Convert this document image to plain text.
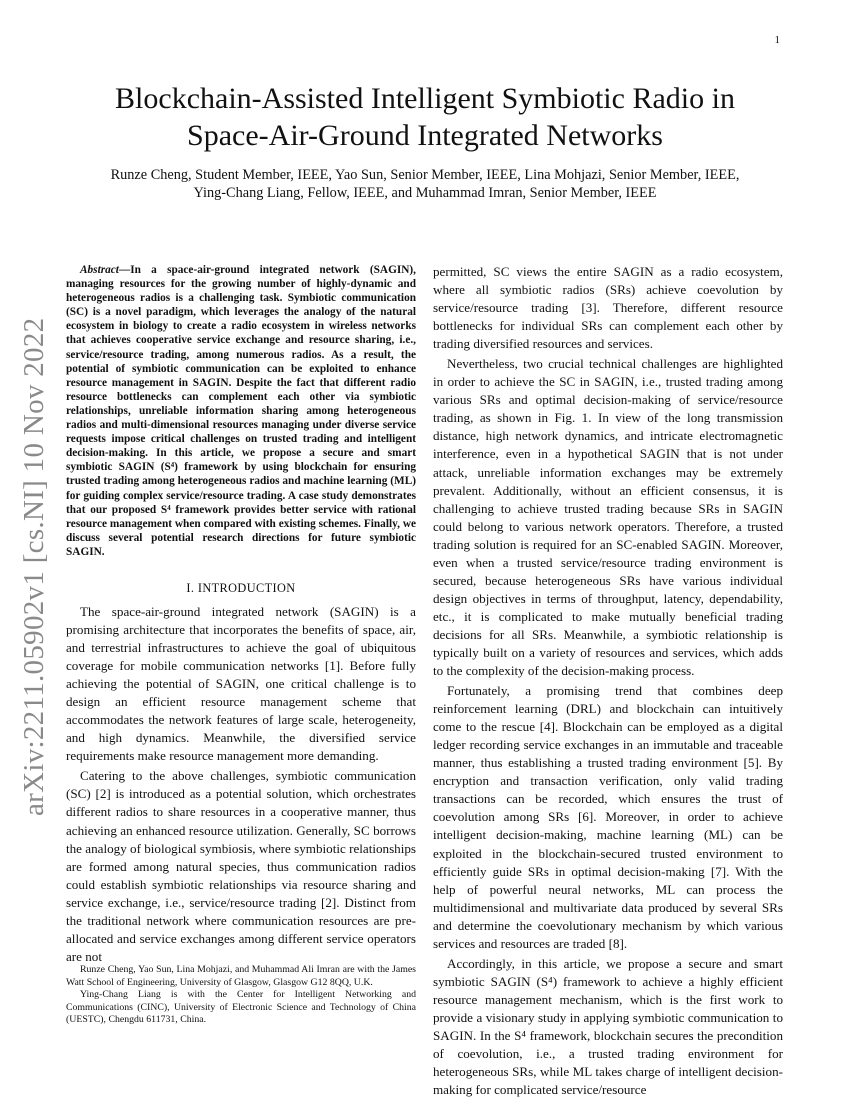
1
arXiv:2211.05902v1 [cs.NI] 10 Nov 2022
Blockchain-Assisted Intelligent Symbiotic Radio in
Space-Air-Ground Integrated Networks
Runze Cheng, Student Member, IEEE, Yao Sun, Senior Member, IEEE, Lina Mohjazi, Senior Member, IEEE,
Ying-Chang Liang, Fellow, IEEE, and Muhammad Imran, Senior Member, IEEE

Abstract—In a space-air-ground integrated network (SAGIN), managing resources for the growing number of highly-dynamic and heterogeneous radios is a challenging task. Symbiotic communication (SC) is a novel paradigm, which leverages the analogy of the natural ecosystem in biology to create a radio ecosystem in wireless networks that achieves cooperative service exchange and resource sharing, i.e., service/resource trading, among numerous radios. As a result, the potential of symbiotic communication can be exploited to enhance resource management in SAGIN. Despite the fact that different radio resource bottlenecks can complement each other via symbiotic relationships, unreliable information sharing among heterogeneous radios and multi-dimensional resources managing under diverse service requests impose critical challenges on trusted trading and intelligent decision-making. In this article, we propose a secure and smart symbiotic SAGIN (S⁴) framework by using blockchain for ensuring trusted trading among heterogeneous radios and machine learning (ML) for guiding complex service/resource trading. A case study demonstrates that our proposed S⁴ framework provides better service with rational resource management when compared with existing schemes. Finally, we discuss several potential research directions for future symbiotic SAGIN.

I. INTRODUCTION

The space-air-ground integrated network (SAGIN) is a promising architecture that incorporates the benefits of space, air, and terrestrial infrastructures to achieve the goal of ubiquitous coverage for mobile communication networks [1]. Before fully achieving the potential of SAGIN, one critical challenge is to design an efficient resource management scheme that accommodates the network features of large scale, heterogeneity, and high dynamics. Meanwhile, the diversified service requirements make resource management more demanding.

Catering to the above challenges, symbiotic communication (SC) [2] is introduced as a potential solution, which orchestrates different radios to share resources in a cooperative manner, thus achieving an enhanced resource utilization. Generally, SC borrows the analogy of biological symbiosis, where symbiotic relationships are formed among natural species, thus communication radios could establish symbiotic relationships via resource sharing and service exchange, i.e., service/resource trading [2]. Distinct from the traditional network where communication resources are pre-allocated and service exchanges among different service operators are not

Runze Cheng, Yao Sun, Lina Mohjazi, and Muhammad Ali Imran are with the James Watt School of Engineering, University of Glasgow, Glasgow G12 8QQ, U.K.

Ying-Chang Liang is with the Center for Intelligent Networking and Communications (CINC), University of Electronic Science and Technology of China (UESTC), Chengdu 611731, China.

permitted, SC views the entire SAGIN as a radio ecosystem, where all symbiotic radios (SRs) achieve coevolution by service/resource trading [3]. Therefore, different resource bottlenecks for individual SRs can complement each other by trading diversified resources and services.

Nevertheless, two crucial technical challenges are highlighted in order to achieve the SC in SAGIN, i.e., trusted trading among various SRs and optimal decision-making of service/resource trading, as shown in Fig. 1. In view of the long transmission distance, high network dynamics, and intricate electromagnetic interference, even in a hypothetical SAGIN that is not under attack, unreliable information exchanges may be extremely prevalent. Additionally, without an efficient consensus, it is challenging to achieve trusted trading because SRs in SAGIN could belong to various network operators. Therefore, a trusted trading solution is required for an SC-enabled SAGIN. Moreover, even when a trusted service/resource trading environment is secured, because heterogeneous SRs have various individual design objectives in terms of throughput, latency, dependability, etc., it is complicated to make mutually beneficial trading decisions for all SRs. Meanwhile, a symbiotic relationship is typically built on a variety of resources and services, which adds to the complexity of the decision-making process.

Fortunately, a promising trend that combines deep reinforcement learning (DRL) and blockchain can intuitively come to the rescue [4]. Blockchain can be employed as a digital ledger recording service exchanges in an immutable and traceable manner, thus establishing a trusted trading environment [5]. By encryption and transaction verification, only valid trading transactions can be recorded, which ensures the trust of coevolution among SRs [6]. Moreover, in order to achieve intelligent decision-making, machine learning (ML) can be exploited in the blockchain-secured trusted environment to efficiently guide SRs in optimal decision-making [7]. With the help of powerful neural networks, ML can process the multidimensional and multivariate data produced by several SRs and determine the coevolutionary mechanism by which various services and resources are traded [8].

Accordingly, in this article, we propose a secure and smart symbiotic SAGIN (S⁴) framework to achieve a highly efficient resource management mechanism, which is the first work to provide a visionary study in applying symbiotic communication to SAGIN. In the S⁴ framework, blockchain secures the precondition of coevolution, i.e., a trusted trading environment for heterogeneous SRs, while ML takes charge of intelligent decision-making for complicated service/resource
